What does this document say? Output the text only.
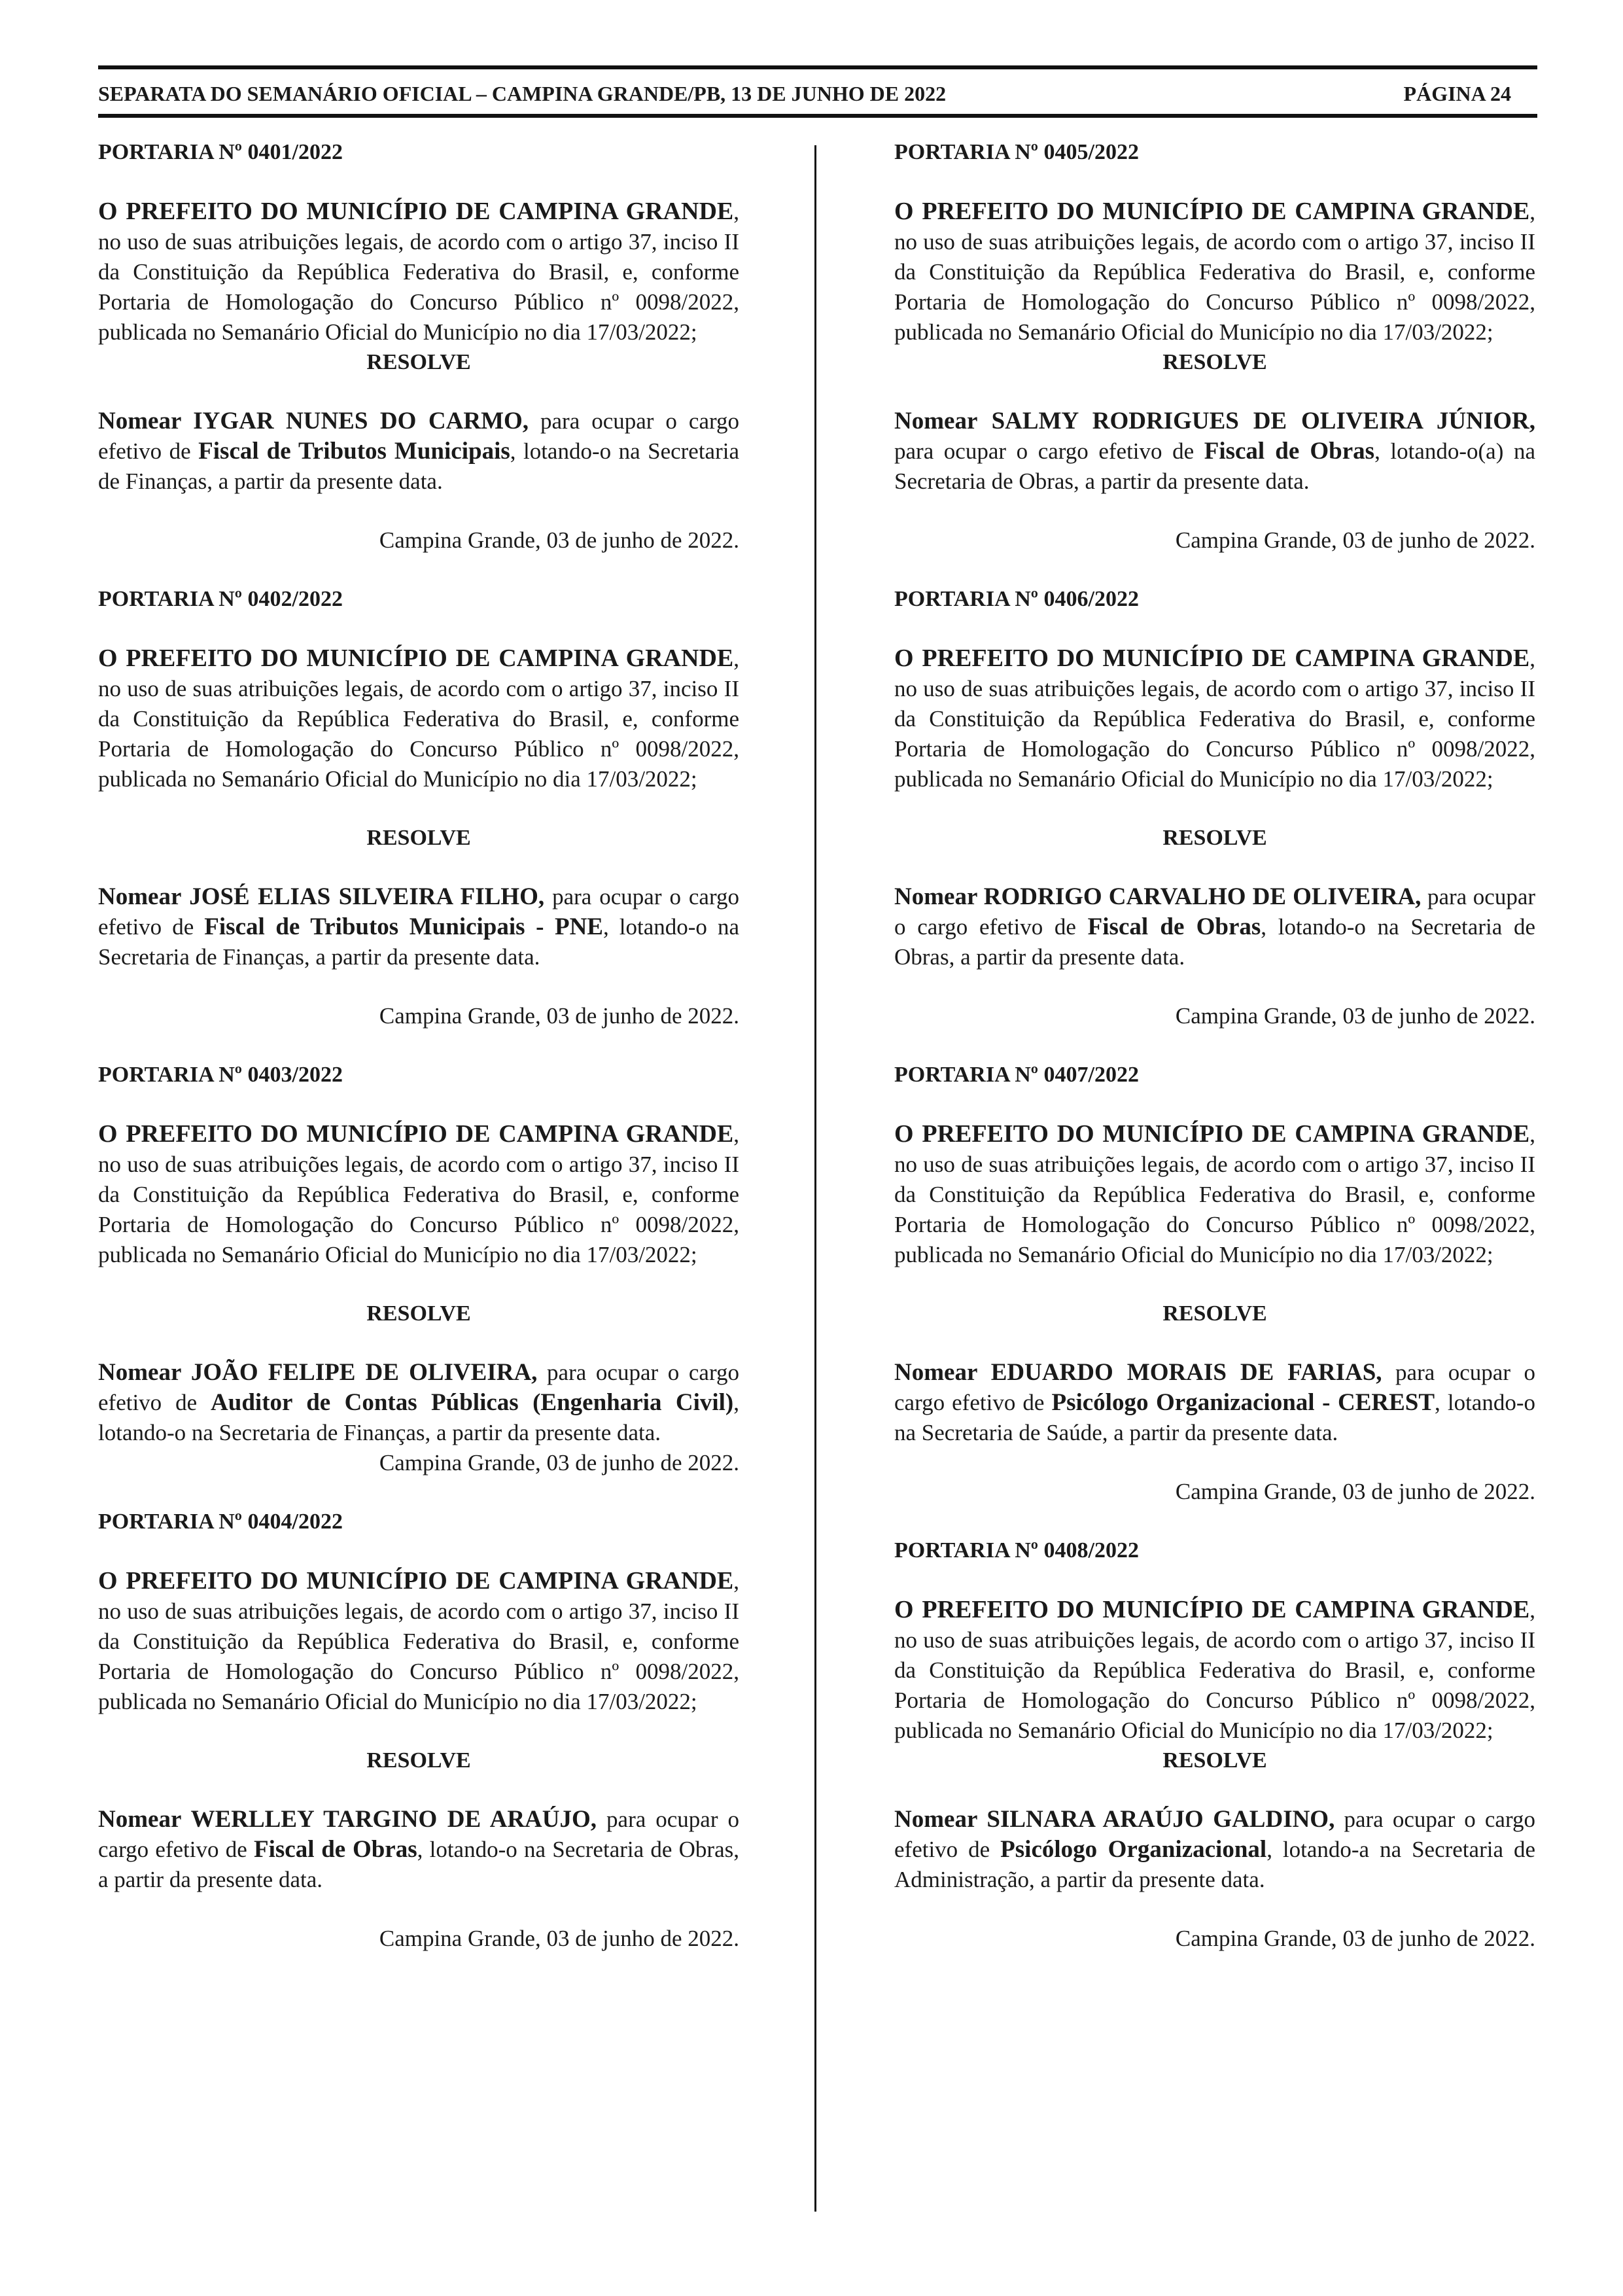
SEPARATA DO SEMANÁRIO OFICIAL – CAMPINA GRANDE/PB, 13 DE JUNHO DE 2022	PÁGINA 24
PORTARIA Nº 0401/2022
O PREFEITO DO MUNICÍPIO DE CAMPINA GRANDE, no uso de suas atribuições legais, de acordo com o artigo 37, inciso II da Constituição da República Federativa do Brasil, e, conforme Portaria de Homologação do Concurso Público nº 0098/2022, publicada no Semanário Oficial do Município no dia 17/03/2022;
RESOLVE
Nomear IYGAR NUNES DO CARMO, para ocupar o cargo efetivo de Fiscal de Tributos Municipais, lotando-o na Secretaria de Finanças, a partir da presente data.
Campina Grande, 03 de junho de 2022.
PORTARIA Nº 0402/2022
O PREFEITO DO MUNICÍPIO DE CAMPINA GRANDE, no uso de suas atribuições legais, de acordo com o artigo 37, inciso II da Constituição da República Federativa do Brasil, e, conforme Portaria de Homologação do Concurso Público nº 0098/2022, publicada no Semanário Oficial do Município no dia 17/03/2022;
RESOLVE
Nomear JOSÉ ELIAS SILVEIRA FILHO, para ocupar o cargo efetivo de Fiscal de Tributos Municipais - PNE, lotando-o na Secretaria de Finanças, a partir da presente data.
Campina Grande, 03 de junho de 2022.
PORTARIA Nº 0403/2022
O PREFEITO DO MUNICÍPIO DE CAMPINA GRANDE, no uso de suas atribuições legais, de acordo com o artigo 37, inciso II da Constituição da República Federativa do Brasil, e, conforme Portaria de Homologação do Concurso Público nº 0098/2022, publicada no Semanário Oficial do Município no dia 17/03/2022;
RESOLVE
Nomear JOÃO FELIPE DE OLIVEIRA, para ocupar o cargo efetivo de Auditor de Contas Públicas (Engenharia Civil), lotando-o na Secretaria de Finanças, a partir da presente data.
Campina Grande, 03 de junho de 2022.
PORTARIA Nº 0404/2022
O PREFEITO DO MUNICÍPIO DE CAMPINA GRANDE, no uso de suas atribuições legais, de acordo com o artigo 37, inciso II da Constituição da República Federativa do Brasil, e, conforme Portaria de Homologação do Concurso Público nº 0098/2022, publicada no Semanário Oficial do Município no dia 17/03/2022;
RESOLVE
Nomear WERLLEY TARGINO DE ARAÚJO, para ocupar o cargo efetivo de Fiscal de Obras, lotando-o na Secretaria de Obras, a partir da presente data.
Campina Grande, 03 de junho de 2022.
PORTARIA Nº 0405/2022
O PREFEITO DO MUNICÍPIO DE CAMPINA GRANDE, no uso de suas atribuições legais, de acordo com o artigo 37, inciso II da Constituição da República Federativa do Brasil, e, conforme Portaria de Homologação do Concurso Público nº 0098/2022, publicada no Semanário Oficial do Município no dia 17/03/2022;
RESOLVE
Nomear SALMY RODRIGUES DE OLIVEIRA JÚNIOR, para ocupar o cargo efetivo de Fiscal de Obras, lotando-o(a) na Secretaria de Obras, a partir da presente data.
Campina Grande, 03 de junho de 2022.
PORTARIA Nº 0406/2022
O PREFEITO DO MUNICÍPIO DE CAMPINA GRANDE, no uso de suas atribuições legais, de acordo com o artigo 37, inciso II da Constituição da República Federativa do Brasil, e, conforme Portaria de Homologação do Concurso Público nº 0098/2022, publicada no Semanário Oficial do Município no dia 17/03/2022;
RESOLVE
Nomear RODRIGO CARVALHO DE OLIVEIRA, para ocupar o cargo efetivo de Fiscal de Obras, lotando-o na Secretaria de Obras, a partir da presente data.
Campina Grande, 03 de junho de 2022.
PORTARIA Nº 0407/2022
O PREFEITO DO MUNICÍPIO DE CAMPINA GRANDE, no uso de suas atribuições legais, de acordo com o artigo 37, inciso II da Constituição da República Federativa do Brasil, e, conforme Portaria de Homologação do Concurso Público nº 0098/2022, publicada no Semanário Oficial do Município no dia 17/03/2022;
RESOLVE
Nomear EDUARDO MORAIS DE FARIAS, para ocupar o cargo efetivo de Psicólogo Organizacional - CEREST, lotando-o na Secretaria de Saúde, a partir da presente data.
Campina Grande, 03 de junho de 2022.
PORTARIA Nº 0408/2022
O PREFEITO DO MUNICÍPIO DE CAMPINA GRANDE, no uso de suas atribuições legais, de acordo com o artigo 37, inciso II da Constituição da República Federativa do Brasil, e, conforme Portaria de Homologação do Concurso Público nº 0098/2022, publicada no Semanário Oficial do Município no dia 17/03/2022;
RESOLVE
Nomear SILNARA ARAÚJO GALDINO, para ocupar o cargo efetivo de Psicólogo Organizacional, lotando-a na Secretaria de Administração, a partir da presente data.
Campina Grande, 03 de junho de 2022.
